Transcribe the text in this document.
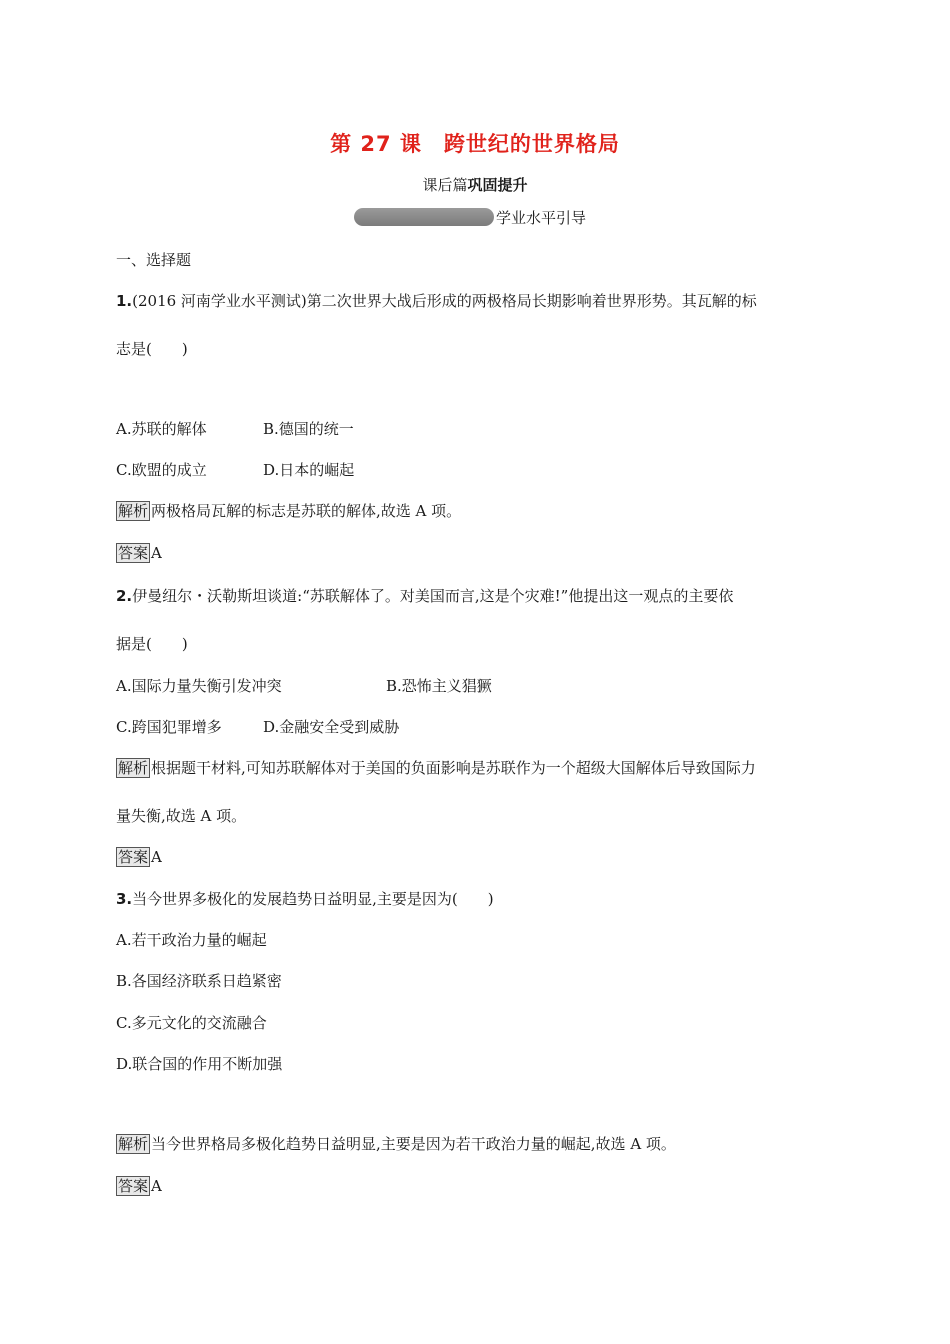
第 27 课　跨世纪的世界格局
课后篇巩固提升
学业水平引导
一、选择题
1.(2016 河南学业水平测试)第二次世界大战后形成的两极格局长期影响着世界形势。其瓦解的标
志是(　　)
A.苏联的解体	B.德国的统一
C.欧盟的成立	D.日本的崛起
解析 两极格局瓦解的标志是苏联的解体,故选 A 项。
答案 A
2.伊曼纽尔・沃勒斯坦谈道:“苏联解体了。对美国而言,这是个灾难!”他提出这一观点的主要依
据是(　　)
A.国际力量失衡引发冲突	B.恐怖主义猖獗
C.跨国犯罪增多	D.金融安全受到威胁
解析 根据题干材料,可知苏联解体对于美国的负面影响是苏联作为一个超级大国解体后导致国际力
量失衡,故选 A 项。
答案 A
3.当今世界多极化的发展趋势日益明显,主要是因为(　　)
A.若干政治力量的崛起
B.各国经济联系日趋紧密
C.多元文化的交流融合
D.联合国的作用不断加强
解析 当今世界格局多极化趋势日益明显,主要是因为若干政治力量的崛起,故选 A 项。
答案 A
